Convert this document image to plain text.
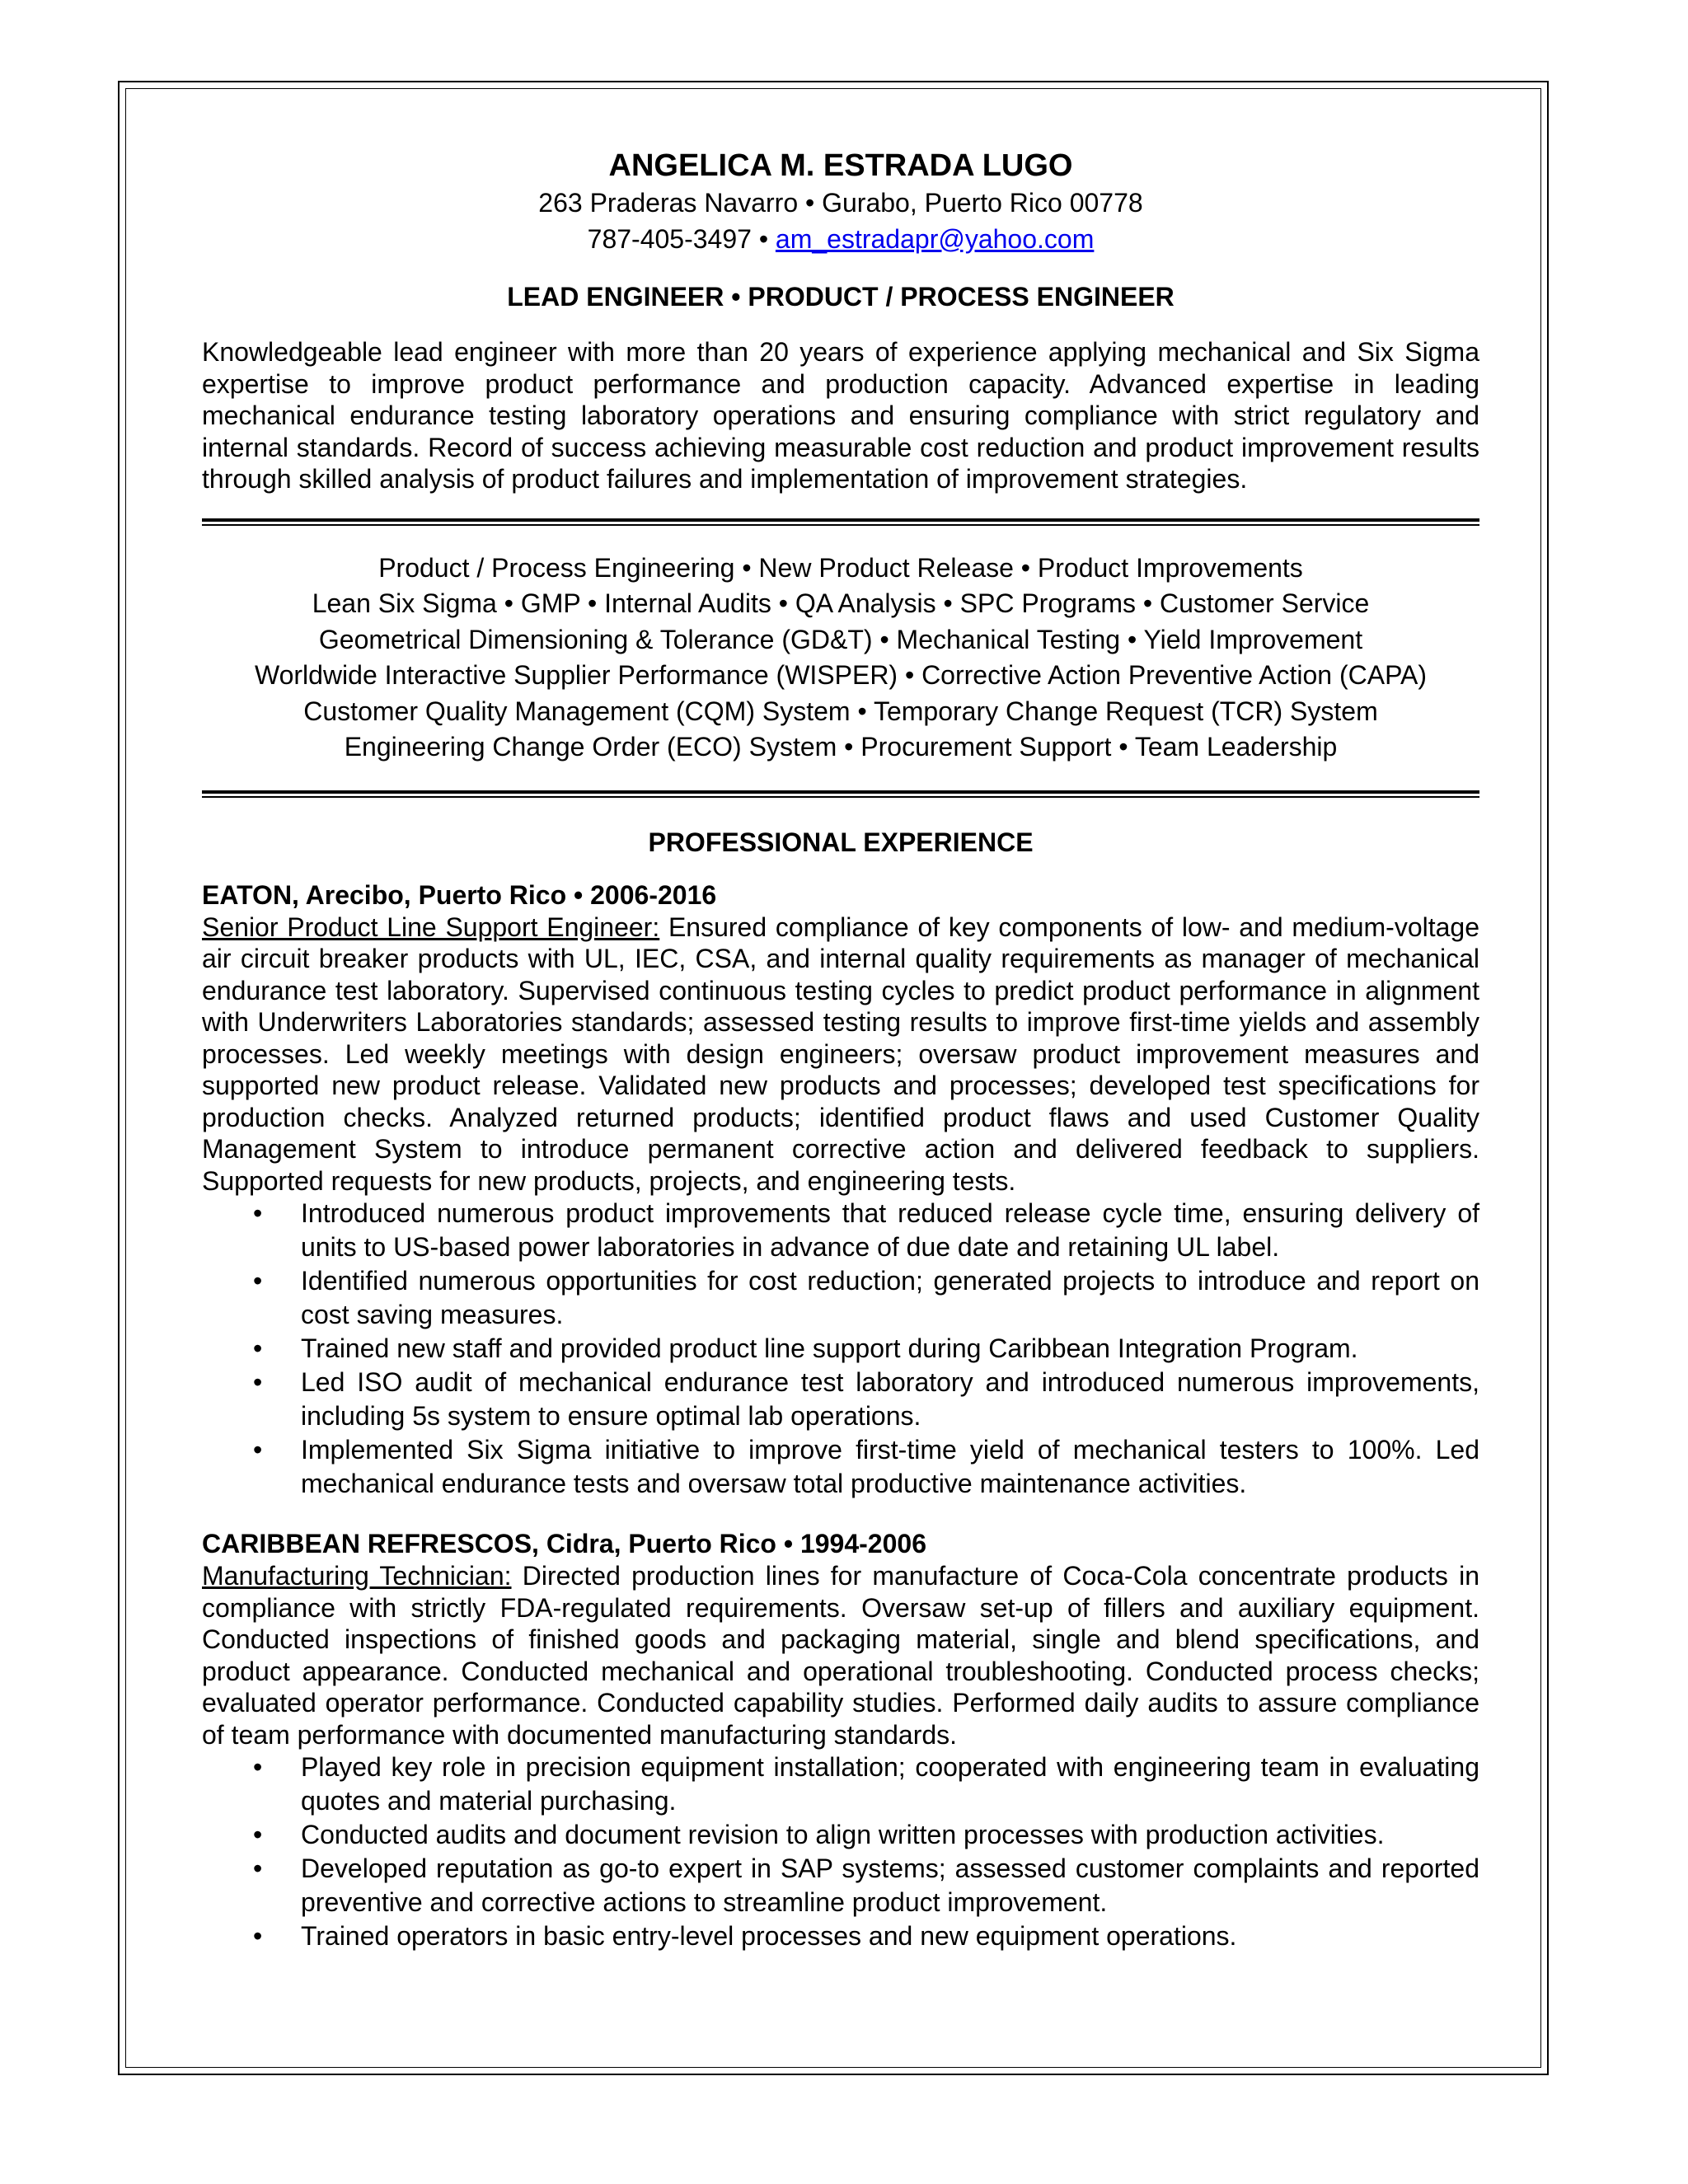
ANGELICA M. ESTRADA LUGO
263 Praderas Navarro • Gurabo, Puerto Rico 00778
787-405-3497 • am_estradapr@yahoo.com
LEAD ENGINEER • PRODUCT / PROCESS ENGINEER
Knowledgeable lead engineer with more than 20 years of experience applying mechanical and Six Sigma expertise to improve product performance and production capacity. Advanced expertise in leading mechanical endurance testing laboratory operations and ensuring compliance with strict regulatory and internal standards. Record of success achieving measurable cost reduction and product improvement results through skilled analysis of product failures and implementation of improvement strategies.
Product / Process Engineering • New Product Release • Product Improvements
Lean Six Sigma • GMP • Internal Audits • QA Analysis • SPC Programs • Customer Service
Geometrical Dimensioning & Tolerance (GD&T) • Mechanical Testing • Yield Improvement
Worldwide Interactive Supplier Performance (WISPER) • Corrective Action Preventive Action (CAPA)
Customer Quality Management (CQM) System • Temporary Change Request (TCR) System
Engineering Change Order (ECO) System • Procurement Support • Team Leadership
PROFESSIONAL EXPERIENCE
EATON, Arecibo, Puerto Rico • 2006-2016
Senior Product Line Support Engineer: Ensured compliance of key components of low- and medium-voltage air circuit breaker products with UL, IEC, CSA, and internal quality requirements as manager of mechanical endurance test laboratory. Supervised continuous testing cycles to predict product performance in alignment with Underwriters Laboratories standards; assessed testing results to improve first-time yields and assembly processes. Led weekly meetings with design engineers; oversaw product improvement measures and supported new product release. Validated new products and processes; developed test specifications for production checks. Analyzed returned products; identified product flaws and used Customer Quality Management System to introduce permanent corrective action and delivered feedback to suppliers. Supported requests for new products, projects, and engineering tests.
• Introduced numerous product improvements that reduced release cycle time, ensuring delivery of units to US-based power laboratories in advance of due date and retaining UL label.
• Identified numerous opportunities for cost reduction; generated projects to introduce and report on cost saving measures.
• Trained new staff and provided product line support during Caribbean Integration Program.
• Led ISO audit of mechanical endurance test laboratory and introduced numerous improvements, including 5s system to ensure optimal lab operations.
• Implemented Six Sigma initiative to improve first-time yield of mechanical testers to 100%. Led mechanical endurance tests and oversaw total productive maintenance activities.
CARIBBEAN REFRESCOS, Cidra, Puerto Rico • 1994-2006
Manufacturing Technician: Directed production lines for manufacture of Coca-Cola concentrate products in compliance with strictly FDA-regulated requirements. Oversaw set-up of fillers and auxiliary equipment. Conducted inspections of finished goods and packaging material, single and blend specifications, and product appearance. Conducted mechanical and operational troubleshooting. Conducted process checks; evaluated operator performance. Conducted capability studies. Performed daily audits to assure compliance of team performance with documented manufacturing standards.
• Played key role in precision equipment installation; cooperated with engineering team in evaluating quotes and material purchasing.
• Conducted audits and document revision to align written processes with production activities.
• Developed reputation as go-to expert in SAP systems; assessed customer complaints and reported preventive and corrective actions to streamline product improvement.
• Trained operators in basic entry-level processes and new equipment operations.
